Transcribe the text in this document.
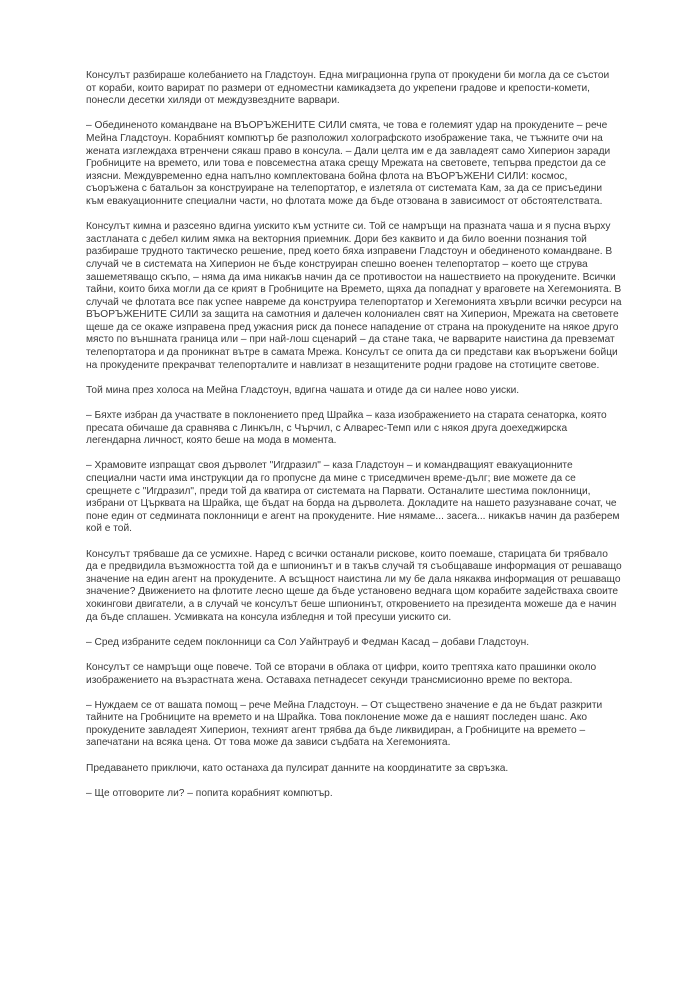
Консулът разбираше колебанието на Гладстоун. Една миграционна група от прокудени би могла да се състои от кораби, които варират по размери от едноместни камикадзета до укрепени градове и крепости-комети, понесли десетки хиляди от междузвездните варвари.

– Обединеното командване на ВЪОРЪЖЕНИТЕ СИЛИ смята, че това е големият удар на прокудените – рече Мейна Гладстоун. Корабният компютър бе разположил холографското изображение така, че тъжните очи на жената изглеждаха втренчени сякаш право в консула. – Дали целта им е да завладеят само Хиперион заради Гробниците на времето, или това е повсеместна атака срещу Мрежата на световете, тепърва предстои да се изясни. Междувременно една напълно комплектована бойна флота на ВЪОРЪЖЕНИ СИЛИ: космос, съоръжена с батальон за конструиране на телепортатор, е излетяла от системата Кам, за да се присъедини към евакуационните специални части, но флотата може да бъде отзована в зависимост от обстоятелствата.

Консулът кимна и разсеяно вдигна уискито към устните си. Той се намръщи на празната чаша и я пусна върху застланата с дебел килим ямка на векторния приемник. Дори без каквито и да било военни познания той разбираше трудното тактическо решение, пред което бяха изправени Гладстоун и обединеното командване. В случай че в системата на Хиперион не бъде конструиран спешно военен телепортатор – което ще струва зашеметяващо скъпо, – няма да има никакъв начин да се противостои на нашествието на прокудените. Всички тайни, които биха могли да се крият в Гробниците на Времето, щяха да попаднат у враговете на Хегемонията. В случай че флотата все пак успее навреме да конструира телепортатор и Хегемонията хвърли всички ресурси на ВЪОРЪЖЕНИТЕ СИЛИ за защита на самотния и далечен колониален свят на Хиперион, Мрежата на световете щеше да се окаже изправена пред ужасния риск да понесе нападение от страна на прокудените на някое друго място по външната граница или – при най-лош сценарий – да стане така, че варварите наистина да превземат телепортатора и да проникнат вътре в самата Мрежа. Консулът се опита да си представи как въоръжени бойци на прокудените прекрачват телепорталите и навлизат в незащитените родни градове на стотиците светове.

Той мина през холоса на Мейна Гладстоун, вдигна чашата и отиде да си налее ново уиски.

– Бяхте избран да участвате в поклонението пред Шрайка – каза изображението на старата сенаторка, която пресата обичаше да сравнява с Линкълн, с Чърчил, с Алварес-Темп или с някоя друга доехеджирска легендарна личност, която беше на мода в момента.

– Храмовите изпращат своя дърволет "Игдразил" – каза Гладстоун – и командващият евакуационните специални части има инструкции да го пропусне да мине с триседмичен време-дълг; вие можете да се срещнете с "Игдразил", преди той да кватира от системата на Парвати. Останалите шестима поклонници, избрани от Църквата на Шрайка, ще бъдат на борда на дърволета. Докладите на нашето разузнаване сочат, че поне един от седмината поклонници е агент на прокудените. Ние нямаме... засега... никакъв начин да разберем кой е той.

Консулът трябваше да се усмихне. Наред с всички останали рискове, които поемаше, старицата би трябвало да е предвидила възможността той да е шпионинът и в такъв случай тя съобщаваше информация от решаващо значение на един агент на прокудените. А всъщност наистина ли му бе дала някаква информация от решаващо значение? Движението на флотите лесно щеше да бъде установено веднага щом корабите задействаха своите хокингови двигатели, а в случай че консулът беше шпионинът, откровението на президента можеше да е начин да бъде сплашен. Усмивката на консула избледня и той пресуши уискито си.

– Сред избраните седем поклонници са Сол Уайнтрауб и Федман Касад – добави Гладстоун.

Консулът се намръщи още повече. Той се вторачи в облака от цифри, които трептяха като прашинки около изображението на възрастната жена. Оставаха петнадесет секунди трансмисионно време по вектора.

– Нуждаем се от вашата помощ – рече Мейна Гладстоун. – От съществено значение е да не бъдат разкрити тайните на Гробниците на времето и на Шрайка. Това поклонение може да е нашият последен шанс. Ако прокудените завладеят Хиперион, техният агент трябва да бъде ликвидиран, а Гробниците на времето – запечатани на всяка цена. От това може да зависи съдбата на Хегемонията.

Предаването приключи, като останаха да пулсират данните на координатите за свръзка.

– Ще отговорите ли? – попита корабният компютър.
